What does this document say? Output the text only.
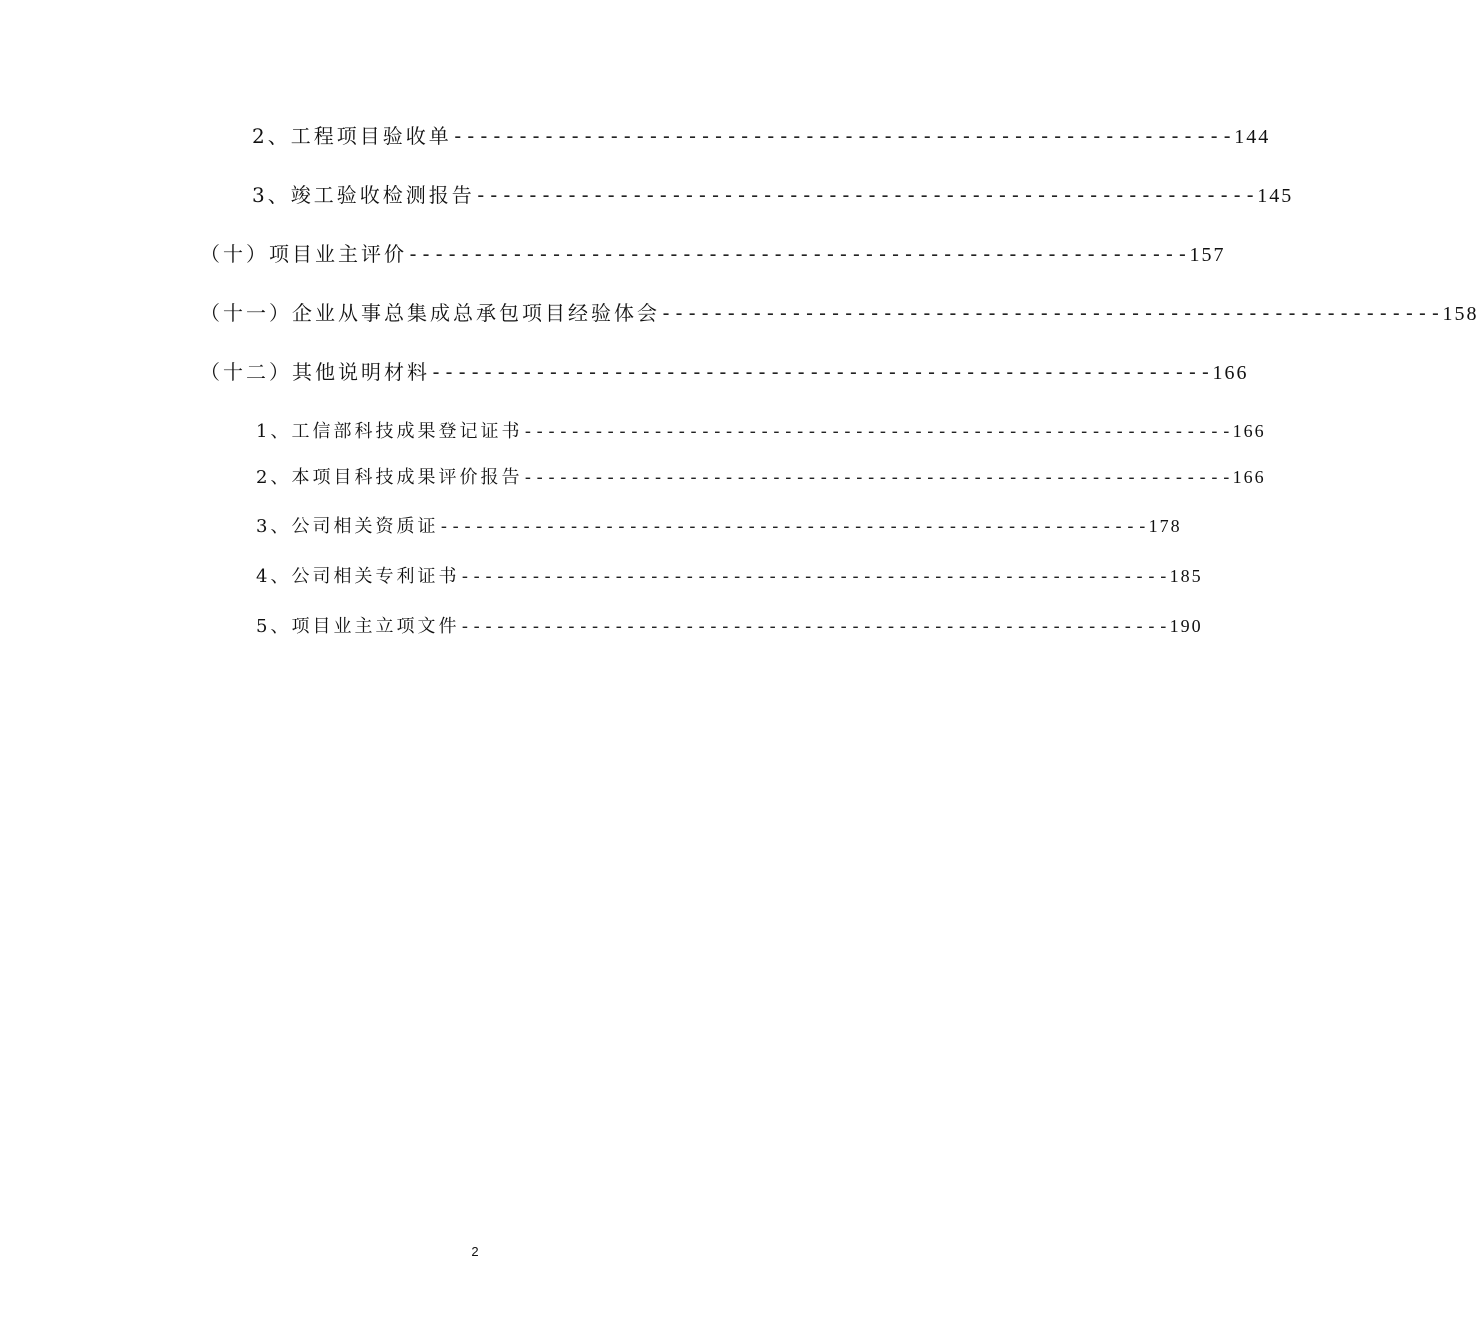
2、工程项目验收单 ------------------------------------------------------------ 144
3、竣工验收检测报告 ------------------------------------------------------------ 145
（十）项目业主评价 ------------------------------------------------------------ 157
（十一）企业从事总集成总承包项目经验体会 ------------------------------------------------------------ 158
（十二）其他说明材料 ------------------------------------------------------------ 166
1、工信部科技成果登记证书 ------------------------------------------------------------ 166
2、本项目科技成果评价报告 ------------------------------------------------------------ 166
3、公司相关资质证 ------------------------------------------------------------ 178
4、公司相关专利证书 ------------------------------------------------------------ 185
5、项目业主立项文件 ------------------------------------------------------------ 190
2
